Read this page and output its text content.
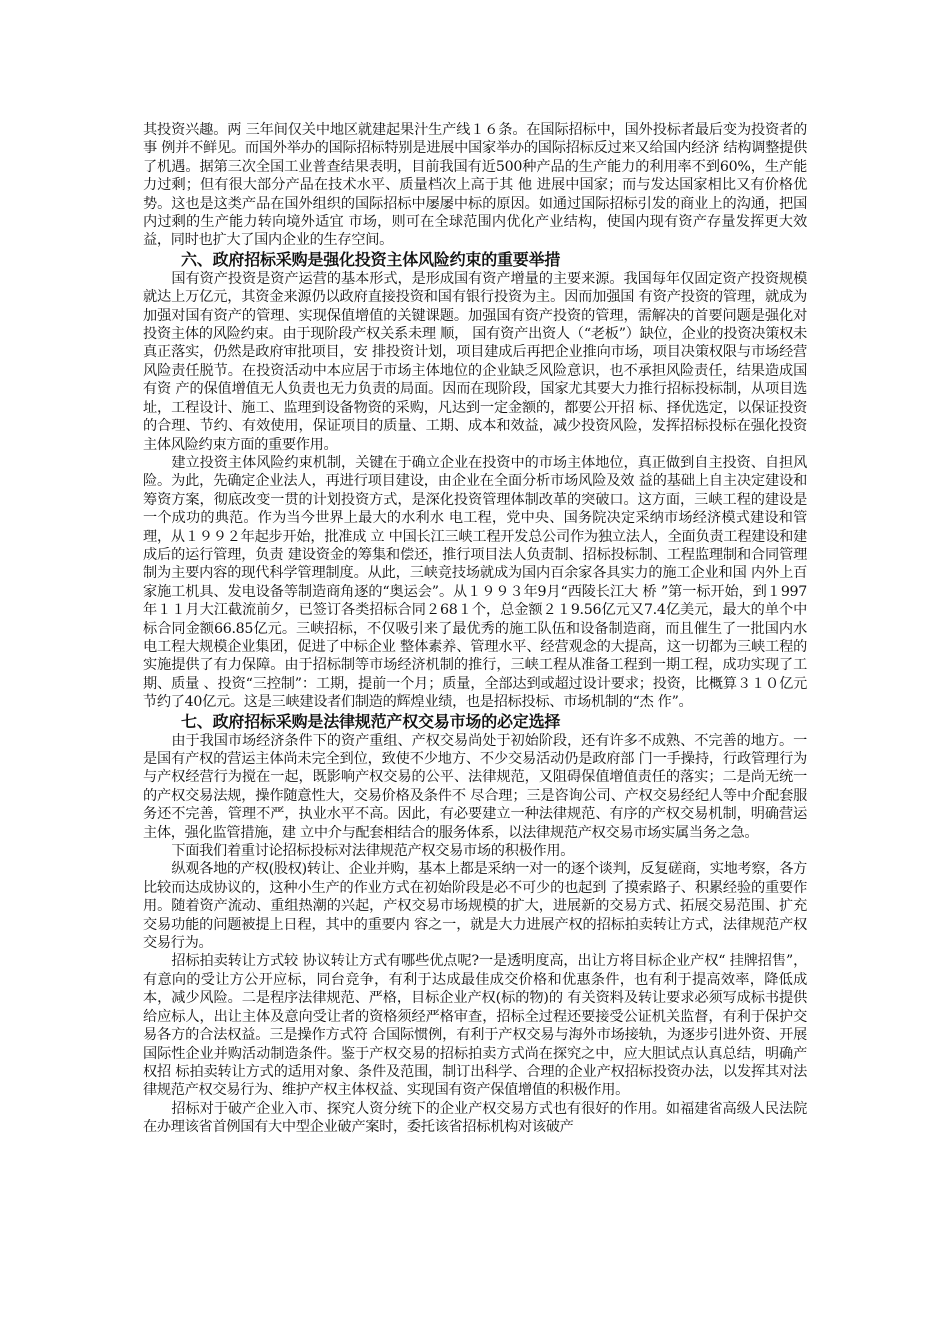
其投资兴趣。两 三年间仅关中地区就建起果汁生产线１６条。在国际招标中，国外投标者最后变为投资者的事 例并不鲜见。而国外举办的国际招标特别是进展中国家举办的国际招标反过来又给国内经济 结构调整提供了机遇。据第三次全国工业普查结果表明，目前我国有近500种产品的生产能力的利用率不到60%，生产能力过剩；但有很大部分产品在技术水平、质量档次上高于其 他 进展中国家；而与发达国家相比又有价格优势。这也是这类产品在国外组织的国际招标中屡屡中标的原因。如通过国际招标引发的商业上的沟通，把国内过剩的生产能力转向境外适宜 市场，则可在全球范围内优化产业结构，使国内现有资产存量发挥更大效益，同时也扩大了国内企业的生存空间。

六、政府招标采购是强化投资主体风险约束的重要举措

国有资产投资是资产运营的基本形式，是形成国有资产增量的主要来源。我国每年仅固定资产投资规模就达上万亿元，其资金来源仍以政府直接投资和国有银行投资为主。因而加强国 有资产投资的管理，就成为加强对国有资产的管理、实现保值增值的关键课题。加强国有资产投资的管理，需解决的首要问题是强化对投资主体的风险约束。由于现阶段产权关系未理 顺， 国有资产出资人（“老板”）缺位，企业的投资决策权未真正落实，仍然是政府审批项目，安 排投资计划，项目建成后再把企业推向市场，项目决策权限与市场经营风险责任脱节。在投资活动中本应居于市场主体地位的企业缺乏风险意识，也不承担风险责任，结果造成国有资 产的保值增值无人负责也无力负责的局面。因而在现阶段，国家尤其要大力推行招标投标制，从项目选址，工程设计、施工、监理到设备物资的采购，凡达到一定金额的，都要公开招 标、择优选定，以保证投资的合理、节约、有效使用，保证项目的质量、工期、成本和效益，减少投资风险，发挥招标投标在强化投资主体风险约束方面的重要作用。

建立投资主体风险约束机制，关键在于确立企业在投资中的市场主体地位，真正做到自主投资、自担风险。为此，先确定企业法人，再进行项目建设，由企业在全面分析市场风险及效 益的基础上自主决定建设和筹资方案，彻底改变一贯的计划投资方式，是深化投资管理体制改革的突破口。这方面，三峡工程的建设是一个成功的典范。作为当今世界上最大的水利水 电工程，党中央、国务院决定采纳市场经济模式建设和管理，从１９９２年起步开始，批准成 立 中国长江三峡工程开发总公司作为独立法人，全面负责工程建设和建成后的运行管理，负责 建设资金的筹集和偿还，推行项目法人负责制、招标投标制、工程监理制和合同管理制为主要内容的现代科学管理制度。从此，三峡竞技场就成为国内百余家各具实力的施工企业和国 内外上百家施工机具、发电设备等制造商角逐的“奥运会”。从１９９３年9月“西陵长江大 桥 ”第一标开始，到１997年１１月大江截流前夕，已签订各类招标合同２68１个，总金额２１9.56亿元又7.4亿美元，最大的单个中标合同金额66.85亿元。三峡招标，不仅吸引来了最优秀的施工队伍和设备制造商，而且催生了一批国内水电工程大规模企业集团，促进了中标企业 整体素养、管理水平、经营观念的大提高，这一切都为三峡工程的实施提供了有力保障。由于招标制等市场经济机制的推行，三峡工程从准备工程到一期工程，成功实现了工期、质量 、投资“三控制”：工期，提前一个月；质量，全部达到或超过设计要求；投资，比概算３１０亿元节约了40亿元。这是三峡建设者们制造的辉煌业绩，也是招标投标、市场机制的“杰 作”。

七、政府招标采购是法律规范产权交易市场的必定选择

由于我国市场经济条件下的资产重组、产权交易尚处于初始阶段，还有许多不成熟、不完善的地方。一是国有产权的营运主体尚未完全到位，致使不少地方、不少交易活动仍是政府部 门一手操持，行政管理行为与产权经营行为搅在一起，既影响产权交易的公平、法律规范，又阻碍保值增值责任的落实；二是尚无统一的产权交易法规，操作随意性大，交易价格及条件不 尽合理；三是咨询公司、产权交易经纪人等中介配套服务还不完善，管理不严，执业水平不高。因此，有必要建立一种法律规范、有序的产权交易机制，明确营运主体，强化监管措施，建 立中介与配套相结合的服务体系，以法律规范产权交易市场实属当务之急。

下面我们着重讨论招标投标对法律规范产权交易市场的积极作用。

纵观各地的产权(股权)转让、企业并购，基本上都是采纳一对一的逐个谈判，反复磋商，实地考察，各方比较而达成协议的，这种小生产的作业方式在初始阶段是必不可少的也起到 了摸索路子、积累经验的重要作用。随着资产流动、重组热潮的兴起，产权交易市场规模的扩大，进展新的交易方式、拓展交易范围、扩充交易功能的问题被提上日程，其中的重要内 容之一，就是大力进展产权的招标拍卖转让方式，法律规范产权交易行为。

招标拍卖转让方式较 协议转让方式有哪些优点呢?一是透明度高，出让方将目标企业产权“ 挂牌招售”，有意向的受让方公开应标，同台竞争，有利于达成最佳成交价格和优惠条件，也有利于提高效率，降低成本，减少风险。二是程序法律规范、严格，目标企业产权(标的物)的 有关资料及转让要求必须写成标书提供给应标人，出让主体及意向受让者的资格须经严格审查，招标全过程还要接受公证机关监督，有利于保护交易各方的合法权益。三是操作方式符 合国际惯例，有利于产权交易与海外市场接轨，为逐步引进外资、开展国际性企业并购活动制造条件。鉴于产权交易的招标拍卖方式尚在探究之中，应大胆试点认真总结，明确产权招 标拍卖转让方式的适用对象、条件及范围，制订出科学、合理的企业产权招标投资办法，以发挥其对法律规范产权交易行为、维护产权主体权益、实现国有资产保值增值的积极作用。

招标对于破产企业入市、探究人资分统下的企业产权交易方式也有很好的作用。如福建省高级人民法院在办理该省首例国有大中型企业破产案时，委托该省招标机构对该破产
